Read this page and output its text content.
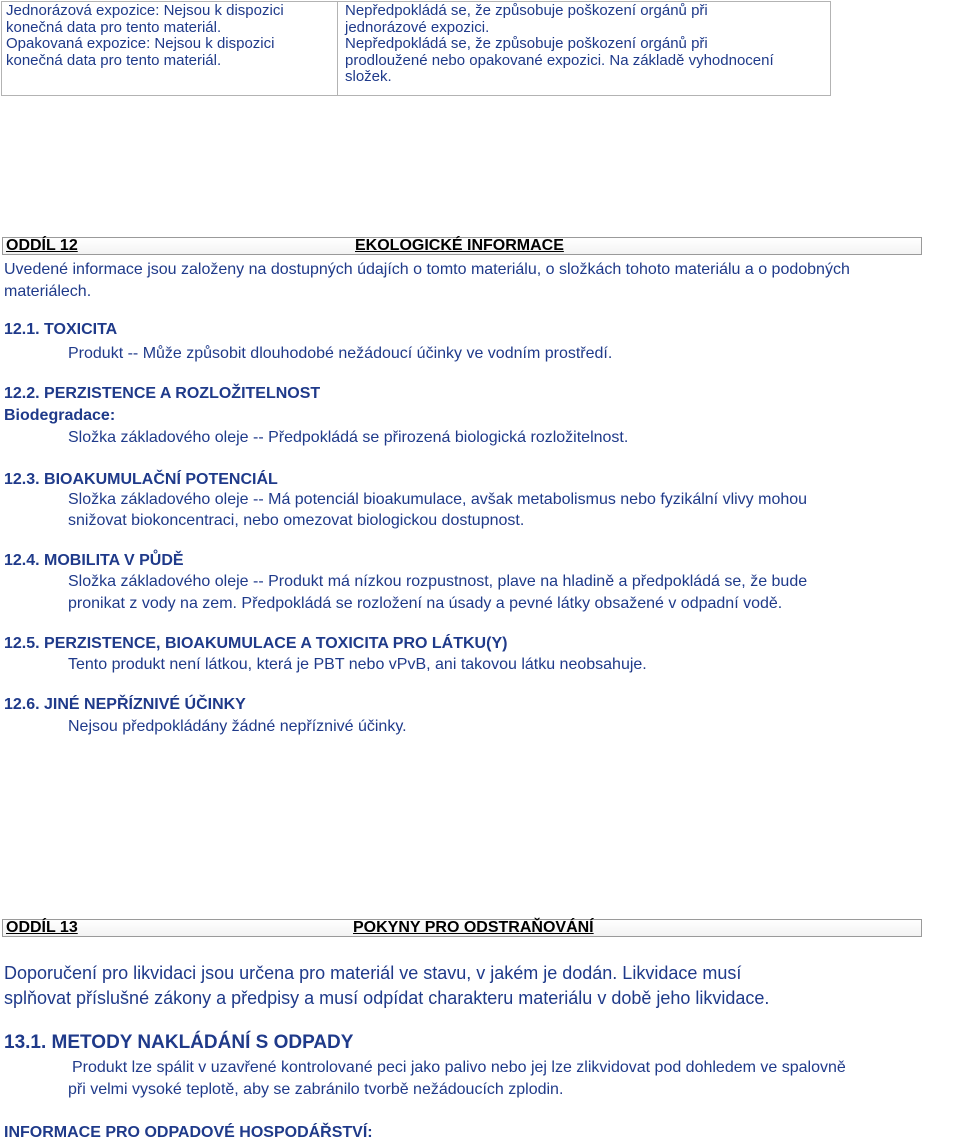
Jednorázová expozice: Nejsou k dispozici
konečná data pro tento materiál.
Opakovaná expozice: Nejsou k dispozici
konečná data pro tento materiál.
Nepředpokládá se, že způsobuje poškození orgánů při
jednorázové expozici.
Nepředpokládá se, že způsobuje poškození orgánů při
prodloužené nebo opakované expozici. Na základě vyhodnocení
složek.
ODDÍL 12	EKOLOGICKÉ INFORMACE
Uvedené informace jsou založeny na dostupných údajích o tomto materiálu, o složkách tohoto materiálu a o podobných
materiálech.
12.1. TOXICITA
Produkt -- Může způsobit dlouhodobé nežádoucí účinky ve vodním prostředí.
12.2. PERZISTENCE A ROZLOŽITELNOST
Biodegradace:
Složka základového oleje -- Předpokládá se přirozená biologická rozložitelnost.
12.3. BIOAKUMULAČNÍ POTENCIÁL
Složka základového oleje -- Má potenciál bioakumulace, avšak metabolismus nebo fyzikální vlivy mohou
snižovat biokoncentraci, nebo omezovat biologickou dostupnost.
12.4. MOBILITA V PŮDĚ
Složka základového oleje -- Produkt má nízkou rozpustnost, plave na hladině a předpokládá se, že bude
pronikat z vody na zem. Předpokládá se rozložení na úsady a pevné látky obsažené v odpadní vodě.
12.5. PERZISTENCE, BIOAKUMULACE A TOXICITA PRO LÁTKU(Y)
Tento produkt není látkou, která je PBT nebo vPvB, ani takovou látku neobsahuje.
12.6. JINÉ NEPŘÍZNIVÉ ÚČINKY
Nejsou předpokládány žádné nepříznivé účinky.
ODDÍL 13	POKYNY PRO ODSTRAŇOVÁNÍ
Doporučení pro likvidaci jsou určena pro materiál ve stavu, v jakém je dodán. Likvidace musí
splňovat příslušné zákony a předpisy a musí odpídat charakteru materiálu v době jeho likvidace.
13.1. METODY NAKLÁDÁNÍ S ODPADY
Produkt lze spálit v uzavřené kontrolované peci jako palivo nebo jej lze zlikvidovat pod dohledem ve spalovně
při velmi vysoké teplotě, aby se zabránilo tvorbě nežádoucích zplodin.
INFORMACE PRO ODPADOVÉ HOSPODÁŘSTVÍ:
